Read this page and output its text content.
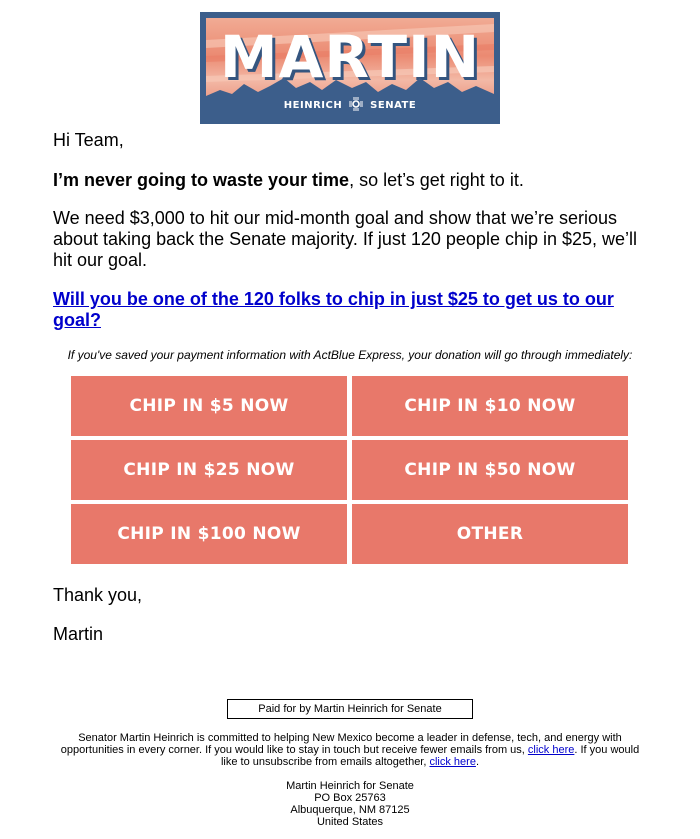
MARTIN
HEINRICH	SENATE

Hi Team,

I’m never going to waste your time, so let’s get right to it.

We need $3,000 to hit our mid-month goal and show that we’re serious about taking back the Senate majority. If just 120 people chip in $25, we’ll hit our goal.

Will you be one of the 120 folks to chip in just $25 to get us to our goal?

If you've saved your payment information with ActBlue Express, your donation will go through immediately:
CHIP IN $5 NOW	CHIP IN $10 NOW
CHIP IN $25 NOW	CHIP IN $50 NOW
CHIP IN $100 NOW	OTHER

Thank you,

Martin

Paid for by Martin Heinrich for Senate
Senator Martin Heinrich is committed to helping New Mexico become a leader in defense, tech, and energy with opportunities in every corner. If you would like to stay in touch but receive fewer emails from us, click here. If you would like to unsubscribe from emails altogether, click here.
Martin Heinrich for Senate
PO Box 25763
Albuquerque, NM 87125
United States
